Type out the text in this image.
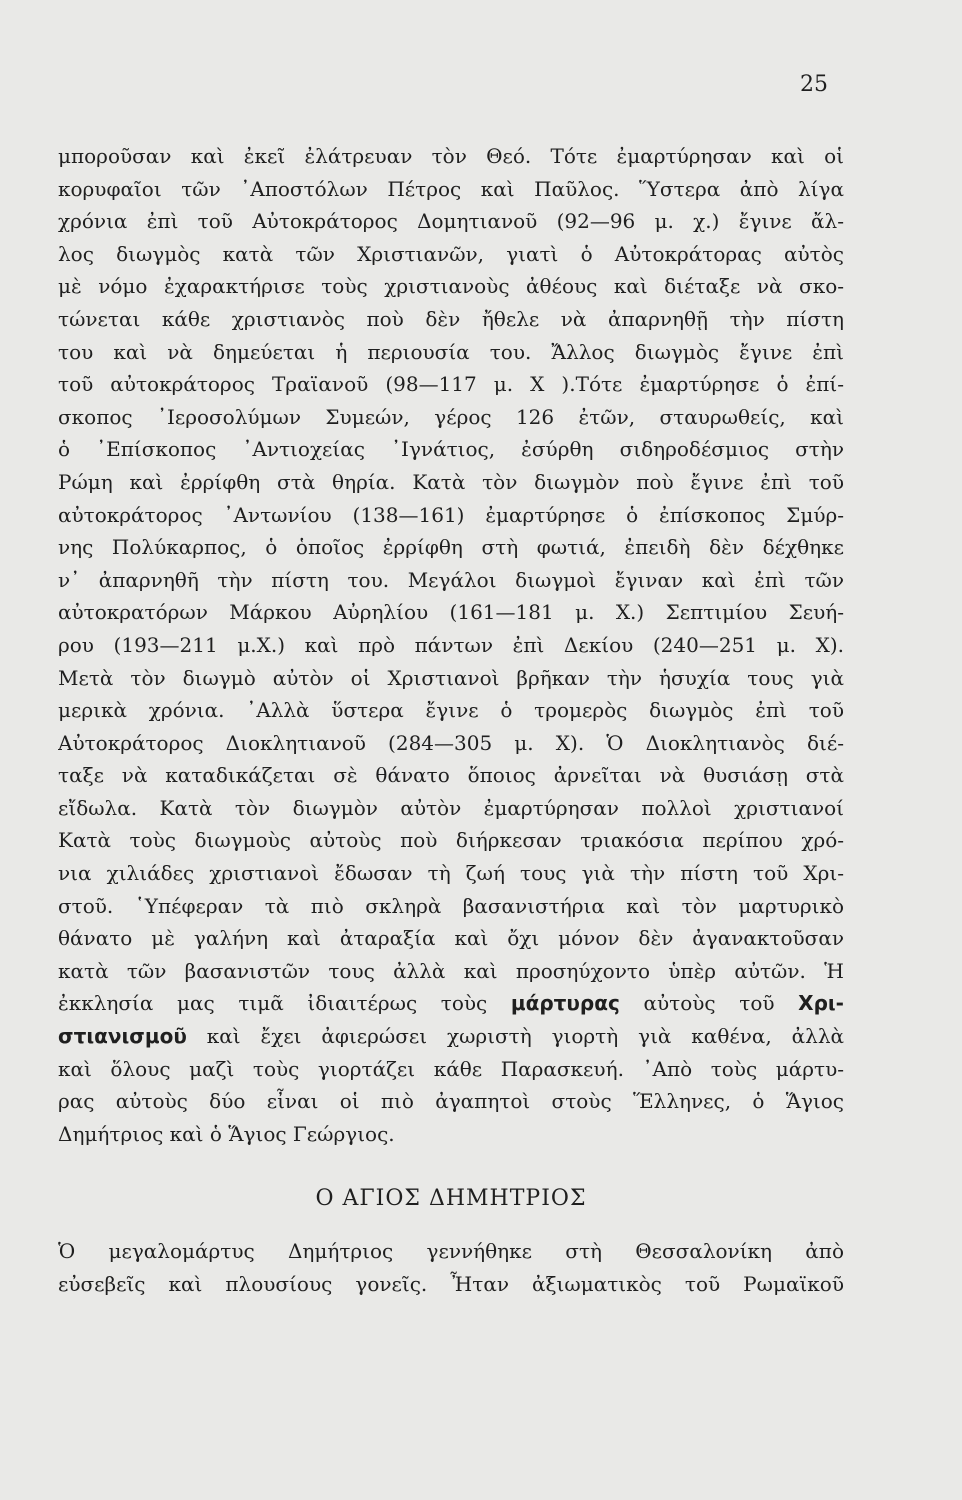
25
μποροῦσαν καὶ ἐκεῖ ἐλάτρευαν τὸν Θεό. Τότε ἐμαρτύρησαν καὶ οἱ
κορυφαῖοι τῶν ᾿Αποστόλων Πέτρος καὶ Παῦλος. Ὕστερα ἀπὸ λίγα
χρόνια ἐπὶ τοῦ Αὐτοκράτορος Δομητιανοῦ (92—96 μ. χ.) ἔγινε ἄλ-
λος διωγμὸς κατὰ τῶν Χριστιανῶν, γιατὶ ὁ Αὐτοκράτορας αὐτὸς
μὲ νόμο ἐχαρακτήρισε τοὺς χριστιανοὺς ἀθέους καὶ διέταξε νὰ σκο-
τώνεται κάθε χριστιανὸς ποὺ δὲν ἤθελε νὰ ἀπαρνηθῇ τὴν πίστη
του καὶ νὰ δημεύεται ἡ περιουσία του. Ἄλλος διωγμὸς ἔγινε ἐπὶ
τοῦ αὐτοκράτορος Τραϊανοῦ (98—117 μ. Χ ).Τότε ἐμαρτύρησε ὁ ἐπί-
σκοπος ᾿Ιεροσολύμων Συμεών, γέρος 126 ἐτῶν, σταυρωθείς, καὶ
ὁ ᾿Επίσκοπος ᾿Αντιοχείας ᾿Ιγνάτιος, ἐσύρθη σιδηροδέσμιος στὴν
Ρώμη καὶ ἐρρίφθη στὰ θηρία. Κατὰ τὸν διωγμὸν ποὺ ἔγινε ἐπὶ τοῦ
αὐτοκράτορος ᾿Αντωνίου (138—161) ἐμαρτύρησε ὁ ἐπίσκοπος Σμύρ-
νης Πολύκαρπος, ὁ ὁποῖος ἐρρίφθη στὴ φωτιά, ἐπειδὴ δὲν δέχθηκε
ν᾿ ἀπαρνηθῆ τὴν πίστη του. Μεγάλοι διωγμοὶ ἔγιναν καὶ ἐπὶ τῶν
αὐτοκρατόρων Μάρκου Αὐρηλίου (161—181 μ. Χ.) Σεπτιμίου Σευή-
ρου (193—211 μ.Χ.) καὶ πρὸ πάντων ἐπὶ Δεκίου (240—251 μ. Χ).
Μετὰ τὸν διωγμὸ αὐτὸν οἱ Χριστιανοὶ βρῆκαν τὴν ἡσυχία τους γιὰ
μερικὰ χρόνια. ᾿Αλλὰ ὕστερα ἔγινε ὁ τρομερὸς διωγμὸς ἐπὶ τοῦ
Αὐτοκράτορος Διοκλητιανοῦ (284—305 μ. Χ). Ὁ Διοκλητιανὸς διέ-
ταξε νὰ καταδικάζεται σὲ θάνατο ὅποιος ἀρνεῖται νὰ θυσιάσῃ στὰ
εἴδωλα. Κατὰ τὸν διωγμὸν αὐτὸν ἐμαρτύρησαν πολλοὶ χριστιανοί
Κατὰ τοὺς διωγμοὺς αὐτοὺς ποὺ διήρκεσαν τριακόσια περίπου χρό-
νια χιλιάδες χριστιανοὶ ἔδωσαν τὴ ζωή τους γιὰ τὴν πίστη τοῦ Χρι-
στοῦ. ῾Υπέφεραν τὰ πιὸ σκληρὰ βασανιστήρια καὶ τὸν μαρτυρικὸ
θάνατο μὲ γαλήνη καὶ ἀταραξία καὶ ὄχι μόνον δὲν ἀγανακτοῦσαν
κατὰ τῶν βασανιστῶν τους ἀλλὰ καὶ προσηύχοντο ὑπὲρ αὐτῶν. Ἡ
ἐκκλησία μας τιμᾶ ἰδιαιτέρως τοὺς μάρτυρας αὐτοὺς τοῦ Χρι-
στιανισμοῦ καὶ ἔχει ἀφιερώσει χωριστὴ γιορτὴ γιὰ καθένα, ἀλλὰ
καὶ ὅλους μαζὶ τοὺς γιορτάζει κάθε Παρασκευή. ᾿Απὸ τοὺς μάρτυ-
ρας αὐτοὺς δύο εἶναι οἱ πιὸ ἀγαπητοὶ στοὺς Ἕλληνες, ὁ Ἅγιος
Δημήτριος καὶ ὁ Ἅγιος Γεώργιος.
Ο ΑΓΙΟΣ ΔΗΜΗΤΡΙΟΣ
Ὁ μεγαλομάρτυς Δημήτριος γεννήθηκε στὴ Θεσσαλονίκη ἀπὸ
εὐσεβεῖς καὶ πλουσίους γονεῖς. Ἦταν ἀξιωματικὸς τοῦ Ρωμαϊκοῦ
